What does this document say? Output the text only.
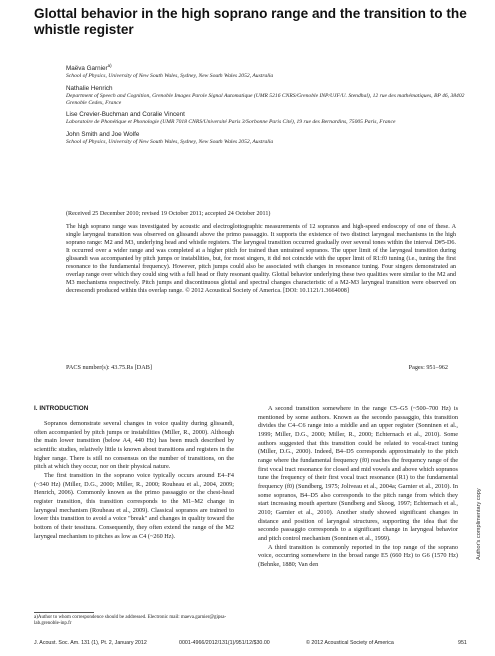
Glottal behavior in the high soprano range and the transition to the whistle register
Maëva Garnier$^{a)}$
School of Physics, University of New South Wales, Sydney, New South Wales 2052, Australia
Nathalie Henrich
Department of Speech and Cognition, Grenoble Images Parole Signal Automatique (UMR 5216 CNRS/Grenoble INP/UJF/U. Stendhal), 12 rue des mathématiques, BP 46, 38402 Grenoble Cedex, France
Lise Crevier-Buchman and Coralie Vincent
Laboratoire de Phonétique et Phonologie (UMR 7018 CNRS/Université Paris 3/Sorbonne Paris Cité), 19 rue des Bernardins, 75005 Paris, France
John Smith and Joe Wolfe
School of Physics, University of New South Wales, Sydney, New South Wales 2052, Australia
(Received 25 December 2010; revised 19 October 2011; accepted 24 October 2011)
The high soprano range was investigated by acoustic and electroglottographic measurements of 12 sopranos and high-speed endoscopy of one of these. A single laryngeal transition was observed on glissandi above the primo passaggio. It supports the existence of two distinct laryngeal mechanisms in the high soprano range: M2 and M3, underlying head and whistle registers. The laryngeal transition occurred gradually over several tones within the interval D#5-D6. It occurred over a wider range and was completed at a higher pitch for trained than untrained sopranos. The upper limit of the laryngeal transition during glissandi was accompanied by pitch jumps or instabilities, but, for most singers, it did not coincide with the upper limit of R1:f0 tuning (i.e., tuning the first resonance to the fundamental frequency). However, pitch jumps could also be associated with changes in resonance tuning. Four singers demonstrated an overlap range over which they could sing with a full head or fluty resonant quality. Glottal behavior underlying these two qualities were similar to the M2 and M3 mechanisms respectively. Pitch jumps and discontinuous glottal and spectral changes characteristic of a M2-M3 laryngeal transition were observed on decrescendi produced within this overlap range. © 2012 Acoustical Society of America. [DOI: 10.1121/1.3664008]
PACS number(s): 43.75.Rs [DAB]	Pages: 951–962
I. INTRODUCTION

Sopranos demonstrate several changes in voice quality during glissandi, often accompanied by pitch jumps or instabilities (Miller, R., 2000). Although the main lower transition (below A4, 440 Hz) has been much described by scientific studies, relatively little is known about transitions and registers in the higher range. There is still no consensus on the number of transitions, on the pitch at which they occur, nor on their physical nature.

The first transition in the soprano voice typically occurs around E4–F4 (~340 Hz) (Miller, D.G., 2000; Miller, R., 2000; Rouheau et al., 2004, 2009; Henrich, 2006). Commonly known as the primo passaggio or the chest-head register transition, this transition corresponds to the M1–M2 change in laryngeal mechanism (Rouheau et al., 2009). Classical sopranos are trained to lower this transition to avoid a voice "break" and changes in quality toward the bottom of their tessitura. Consequently, they often extend the range of the M2 laryngeal mechanism to pitches as low as C4 (~260 Hz).

a)Author to whom correspondence should be addressed. Electronic mail: maeva.garnier@gipsa-lab.grenoble-inp.fr

A second transition somewhere in the range C5–G5 (~500–700 Hz) is mentioned by some authors. Known as the secondo passaggio, this transition divides the C4–C6 range into a middle and an upper register (Sonninen et al., 1999; Miller, D.G., 2000; Miller, R., 2000; Echternach et al., 2010). Some authors suggested that this transition could be related to vocal-tract tuning (Miller, D.G., 2000). Indeed, B4–D5 corresponds approximately to the pitch range where the fundamental frequency (f0) reaches the frequency range of the first vocal tract resonance for closed and mid vowels and above which sopranos tune the frequency of their first vocal tract resonance (R1) to the fundamental frequency (f0) (Sundberg, 1975; Joliveau et al., 2004a; Garnier et al., 2010). In some sopranos, B4–D5 also corresponds to the pitch range from which they start increasing mouth aperture (Sundberg and Skoog, 1997; Echternach et al., 2010; Garnier et al., 2010). Another study showed significant changes in distance and position of laryngeal structures, supporting the idea that the secondo passaggio corresponds to a significant change in laryngeal behavior and pitch control mechanism (Sonninen et al., 1999).

A third transition is commonly reported in the top range of the soprano voice, occurring somewhere in the broad range E5 (660 Hz) to G6 (1570 Hz) (Behnke, 1880; Van den

J. Acoust. Soc. Am. 131 (1), Pt. 2, January 2012	0001-4966/2012/131(1)/951/12/$30.00	© 2012 Acoustical Society of America	951
Author's complimentary copy
